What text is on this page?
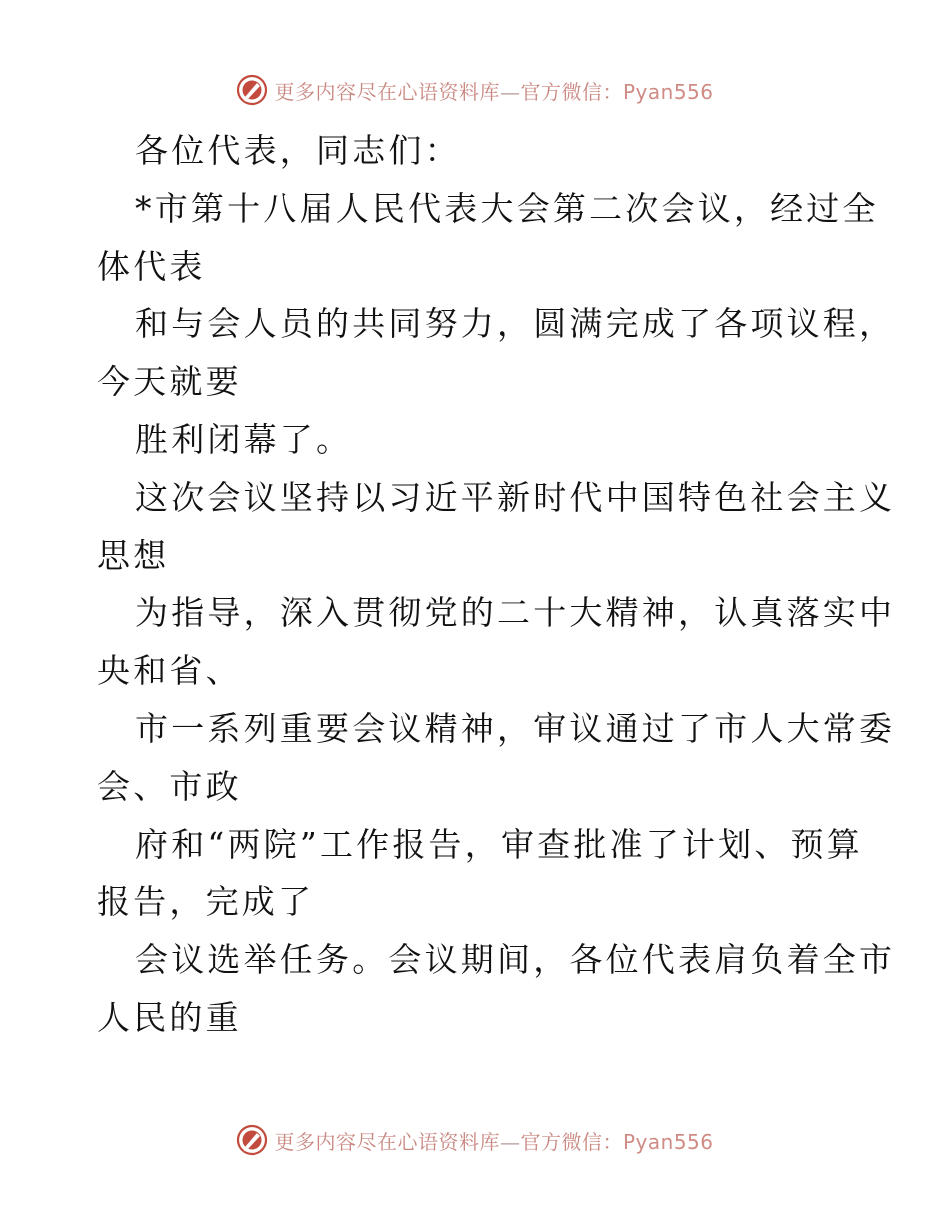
更多内容尽在心语资料库—官方微信：Pyan556
各位代表，同志们：
*市第十八届人民代表大会第二次会议，经过全
体代表
和与会人员的共同努力，圆满完成了各项议程，
今天就要
胜利闭幕了。
这次会议坚持以习近平新时代中国特色社会主义
思想
为指导，深入贯彻党的二十大精神，认真落实中
央和省、
市一系列重要会议精神，审议通过了市人大常委
会、市政
府和“两院”工作报告，审查批准了计划、预算
报告，完成了
会议选举任务。会议期间，各位代表肩负着全市
人民的重
更多内容尽在心语资料库—官方微信：Pyan556
